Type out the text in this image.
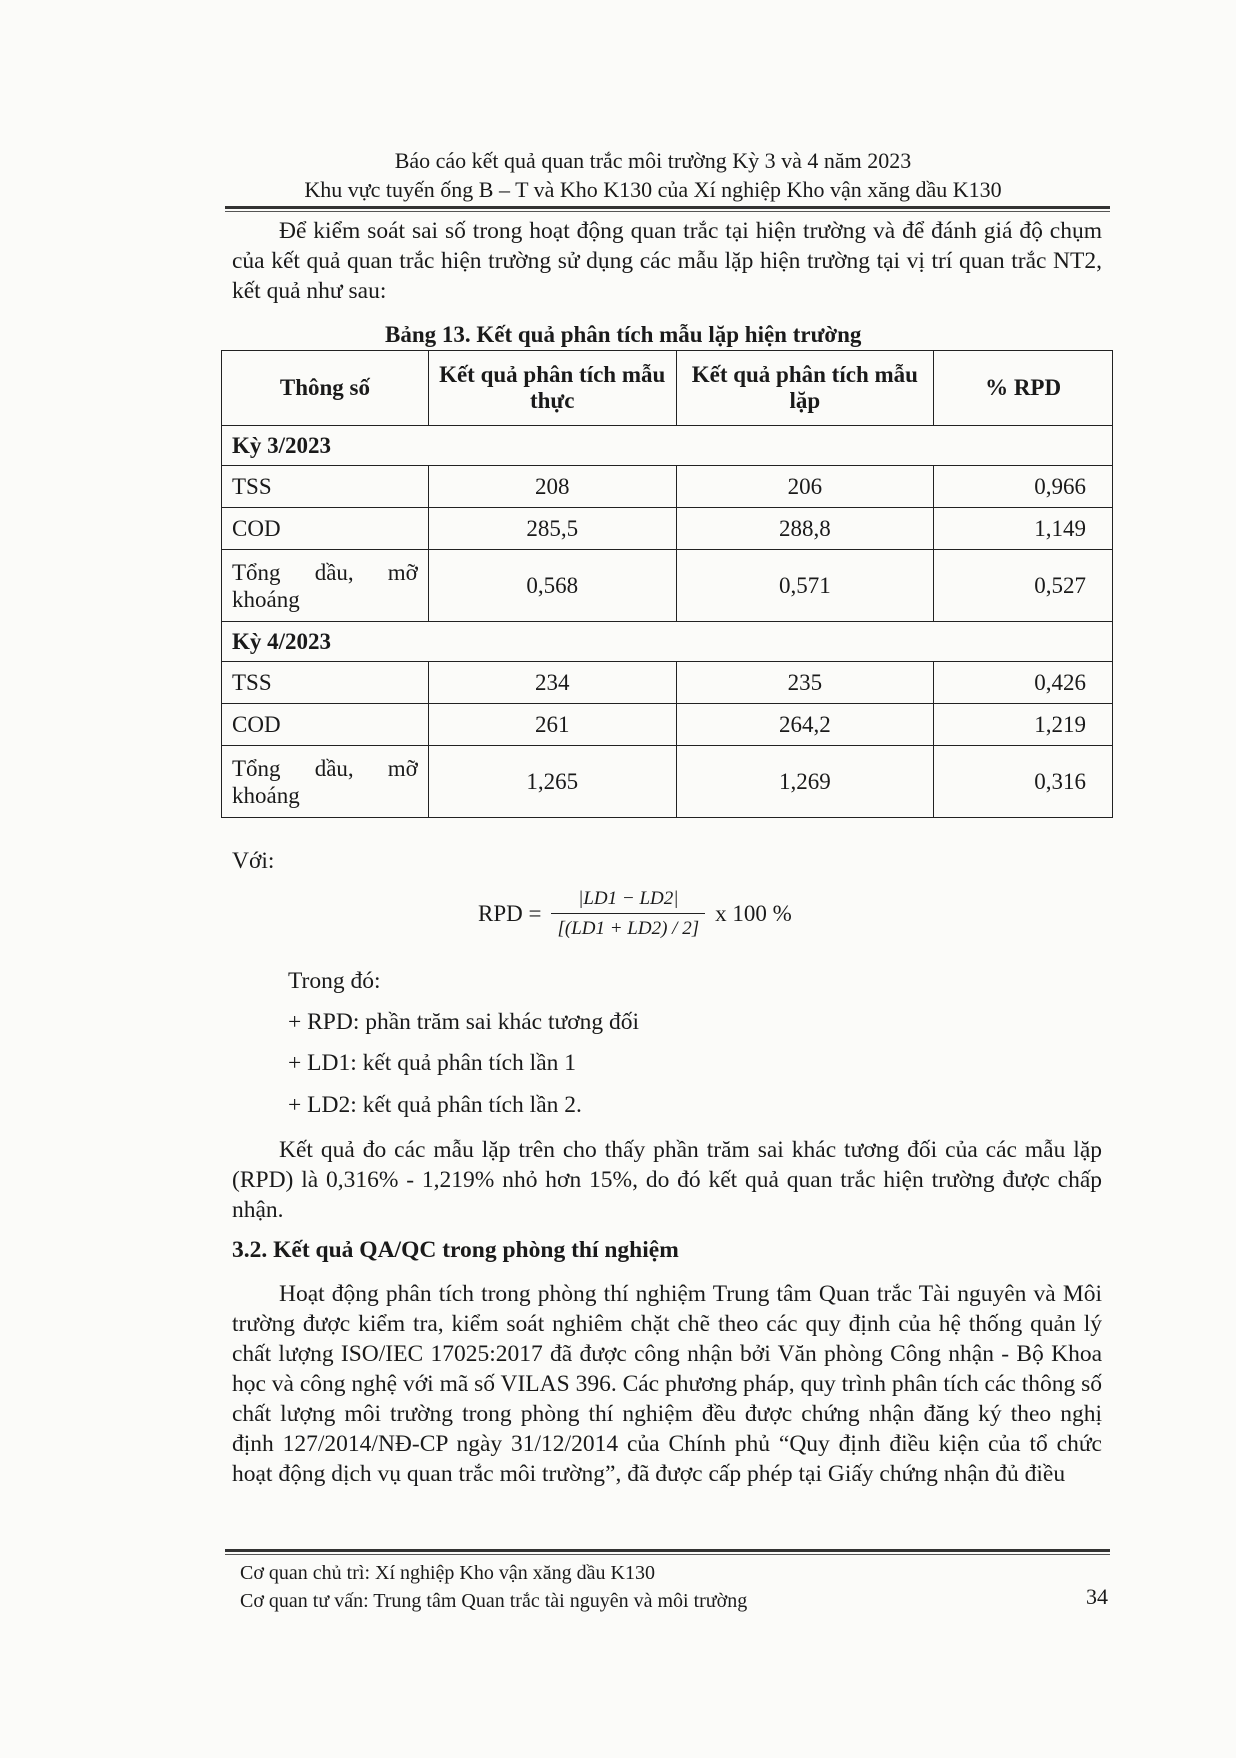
Báo cáo kết quả quan trắc môi trường Kỳ 3 và 4 năm 2023
Khu vực tuyến ống B – T và Kho K130 của Xí nghiệp Kho vận xăng dầu K130
Để kiểm soát sai số trong hoạt động quan trắc tại hiện trường và để đánh giá độ chụm của kết quả quan trắc hiện trường sử dụng các mẫu lặp hiện trường tại vị trí quan trắc NT2, kết quả như sau:
Bảng 13. Kết quả phân tích mẫu lặp hiện trường
Thông số	Kết quả phân tích mẫu thực	Kết quả phân tích mẫu lặp	% RPD
Kỳ 3/2023			
TSS	208	206	0,966
COD	285,5	288,8	1,149

Tổng dầu, mỡ
khoáng	0,568	0,571	0,527
Kỳ 4/2023			
TSS	234	235	0,426
COD	261	264,2	1,219

Tổng dầu, mỡ
khoáng	1,265	1,269	0,316
Với:
RPD = $\frac{|LD1 - LD2|}{[(LD1 + LD2) / 2]}$ x 100 %
Trong đó:
+ RPD: phần trăm sai khác tương đối
+ LD1: kết quả phân tích lần 1
+ LD2: kết quả phân tích lần 2.
Kết quả đo các mẫu lặp trên cho thấy phần trăm sai khác tương đối của các mẫu lặp (RPD) là 0,316% - 1,219% nhỏ hơn 15%, do đó kết quả quan trắc hiện trường được chấp nhận.
3.2. Kết quả QA/QC trong phòng thí nghiệm
Hoạt động phân tích trong phòng thí nghiệm Trung tâm Quan trắc Tài nguyên và Môi trường được kiểm tra, kiểm soát nghiêm chặt chẽ theo các quy định của hệ thống quản lý chất lượng ISO/IEC 17025:2017 đã được công nhận bởi Văn phòng Công nhận - Bộ Khoa học và công nghệ với mã số VILAS 396. Các phương pháp, quy trình phân tích các thông số chất lượng môi trường trong phòng thí nghiệm đều được chứng nhận đăng ký theo nghị định 127/2014/NĐ-CP ngày 31/12/2014 của Chính phủ “Quy định điều kiện của tổ chức hoạt động dịch vụ quan trắc môi trường”, đã được cấp phép tại Giấy chứng nhận đủ điều
Cơ quan chủ trì: Xí nghiệp Kho vận xăng dầu K130
Cơ quan tư vấn: Trung tâm Quan trắc tài nguyên và môi trường	34
